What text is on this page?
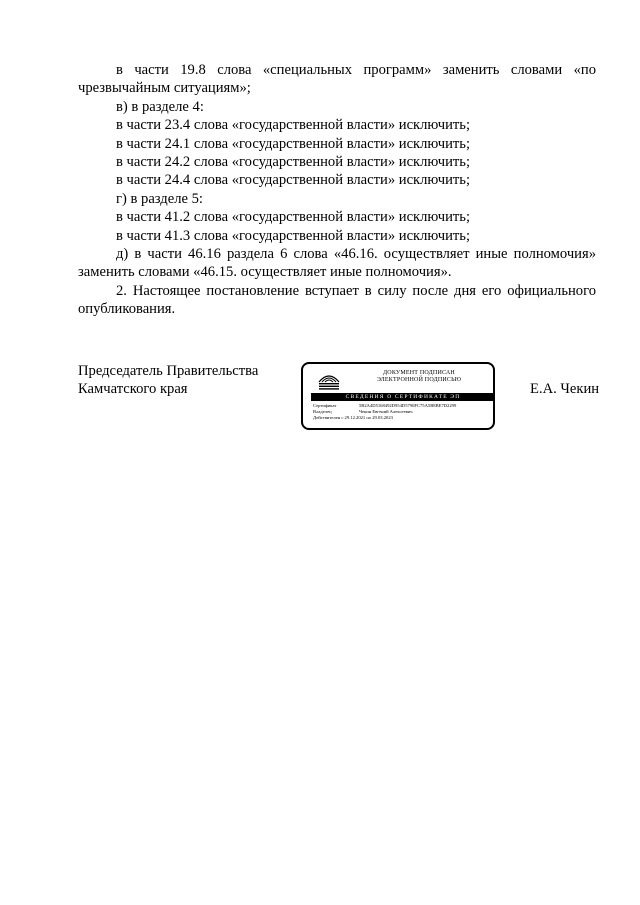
в части 19.8 слова «специальных программ» заменить словами «по чрезвычайным ситуациям»;

в) в разделе 4:

в части 23.4 слова «государственной власти» исключить;

в части 24.1 слова «государственной власти» исключить;

в части 24.2 слова «государственной власти» исключить;

в части 24.4 слова «государственной власти» исключить;

г) в разделе 5:

в части 41.2 слова «государственной власти» исключить;

в части 41.3 слова «государственной власти» исключить;

д) в части 46.16 раздела 6 слова «46.16. осуществляет иные полномочия» заменить словами «46.15. осуществляет иные полномочия».

2. Настоящее постановление вступает в силу после дня его официального опубликования.

Председатель Правительства
Камчатского края
ДОКУМЕНТ ПОДПИСАН
ЭЛЕКТРОННОЙ ПОДПИСЬЮ
СВЕДЕНИЯ О СЕРТИФИКАТЕ ЭП
Сертификат	5B2A4D5168492D954D5790FC75A5B8BE7D2299
Владелец	Чекин Евгений Алексеевич
Действителен с 29.12.2021 по 29.03.2023
Е.А. Чекин
